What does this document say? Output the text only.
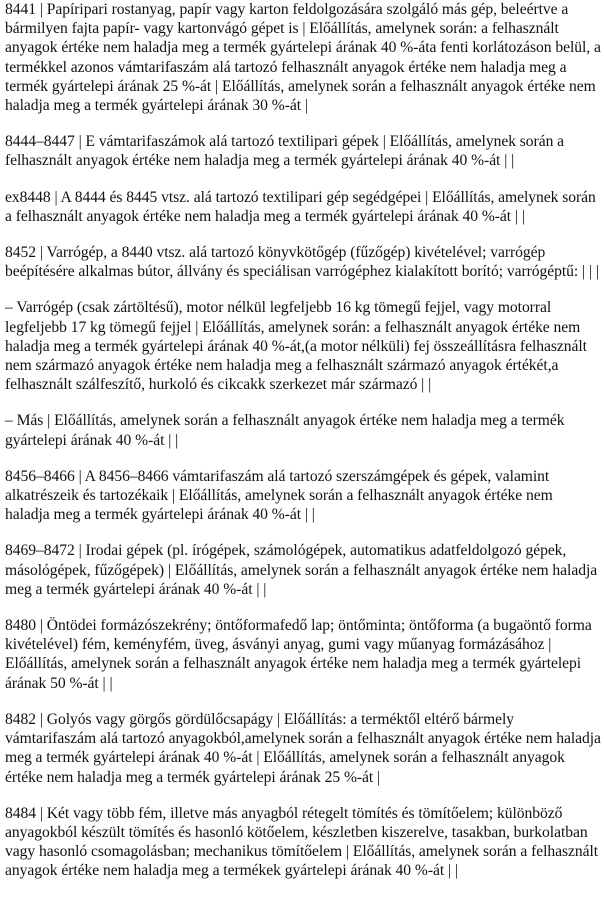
8441 | Papíripari rostanyag, papír vagy karton feldolgozására szolgáló más gép, beleértve a bármilyen fajta papír- vagy kartonvágó gépet is | Előállítás, amelynek során: a felhasznált anyagok értéke nem haladja meg a termék gyártelepi árának 40 %-áta fenti korlátozáson belül, a termékkel azonos vámtarifaszám alá tartozó felhasznált anyagok értéke nem haladja meg a termék gyártelepi árának 25 %-át | Előállítás, amelynek során a felhasznált anyagok értéke nem haladja meg a termék gyártelepi árának 30 %-át |

8444–8447 | E vámtarifaszámok alá tartozó textilipari gépek | Előállítás, amelynek során a felhasznált anyagok értéke nem haladja meg a termék gyártelepi árának 40 %-át | |

ex8448 | A 8444 és 8445 vtsz. alá tartozó textilipari gép segédgépei | Előállítás, amelynek során a felhasznált anyagok értéke nem haladja meg a termék gyártelepi árának 40 %-át | |

8452 | Varrógép, a 8440 vtsz. alá tartozó könyvkötőgép (fűzőgép) kivételével; varrógép beépítésére alkalmas bútor, állvány és speciálisan varrógéphez kialakított borító; varrógéptű: | | |

– Varrógép (csak zártöltésű), motor nélkül legfeljebb 16 kg tömegű fejjel, vagy motorral legfeljebb 17 kg tömegű fejjel | Előállítás, amelynek során: a felhasznált anyagok értéke nem haladja meg a termék gyártelepi árának 40 %-át,(a motor nélküli) fej összeállításra felhasznált nem származó anyagok értéke nem haladja meg a felhasznált származó anyagok értékét,a felhasznált szálfeszítő, hurkoló és cikcakk szerkezet már származó | |

– Más | Előállítás, amelynek során a felhasznált anyagok értéke nem haladja meg a termék gyártelepi árának 40 %-át | |

8456–8466 | A 8456–8466 vámtarifaszám alá tartozó szerszámgépek és gépek, valamint alkatrészeik és tartozékaik | Előállítás, amelynek során a felhasznált anyagok értéke nem haladja meg a termék gyártelepi árának 40 %-át | |

8469–8472 | Irodai gépek (pl. írógépek, számológépek, automatikus adatfeldolgozó gépek, másológépek, fűzőgépek) | Előállítás, amelynek során a felhasznált anyagok értéke nem haladja meg a termék gyártelepi árának 40 %-át | |

8480 | Öntödei formázószekrény; öntőformafedő lap; öntőminta; öntőforma (a bugaöntő forma kivételével) fém, keményfém, üveg, ásványi anyag, gumi vagy műanyag formázásához | Előállítás, amelynek során a felhasznált anyagok értéke nem haladja meg a termék gyártelepi árának 50 %-át | |

8482 | Golyós vagy görgős gördülőcsapágy | Előállítás: a terméktől eltérő bármely vámtarifaszám alá tartozó anyagokból,amelynek során a felhasznált anyagok értéke nem haladja meg a termék gyártelepi árának 40 %-át | Előállítás, amelynek során a felhasznált anyagok értéke nem haladja meg a termék gyártelepi árának 25 %-át |

8484 | Két vagy több fém, illetve más anyagból rétegelt tömítés és tömítőelem; különböző anyagokból készült tömítés és hasonló kötőelem, készletben kiszerelve, tasakban, burkolatban vagy hasonló csomagolásban; mechanikus tömítőelem | Előállítás, amelynek során a felhasznált anyagok értéke nem haladja meg a termékek gyártelepi árának 40 %-át | |
